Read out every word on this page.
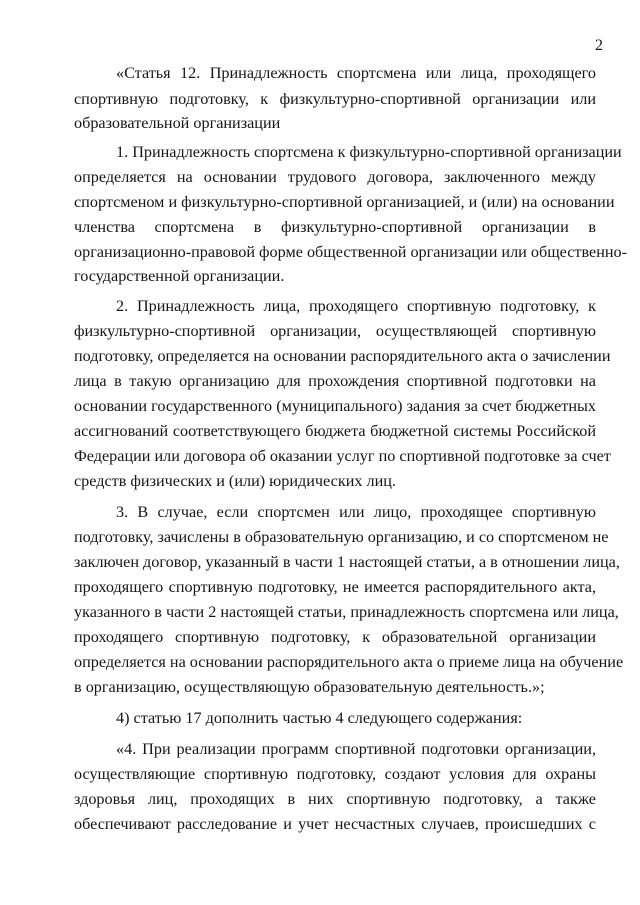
2
«Статья 12. Принадлежность спортсмена или лица, проходящего
спортивную подготовку, к физкультурно-спортивной организации или
образовательной организации
1. Принадлежность спортсмена к физкультурно-спортивной организации
определяется на основании трудового договора, заключенного между
спортсменом и физкультурно-спортивной организацией, и (или) на основании
членства спортсмена в физкультурно-спортивной организации в
организационно-правовой форме общественной организации или общественно-
государственной организации.
2. Принадлежность лица, проходящего спортивную подготовку, к
физкультурно-спортивной организации, осуществляющей спортивную
подготовку, определяется на основании распорядительного акта о зачислении
лица в такую организацию для прохождения спортивной подготовки на
основании государственного (муниципального) задания за счет бюджетных
ассигнований соответствующего бюджета бюджетной системы Российской
Федерации или договора об оказании услуг по спортивной подготовке за счет
средств физических и (или) юридических лиц.
3. В случае, если спортсмен или лицо, проходящее спортивную
подготовку, зачислены в образовательную организацию, и со спортсменом не
заключен договор, указанный в части 1 настоящей статьи, а в отношении лица,
проходящего спортивную подготовку, не имеется распорядительного акта,
указанного в части 2 настоящей статьи, принадлежность спортсмена или лица,
проходящего спортивную подготовку, к образовательной организации
определяется на основании распорядительного акта о приеме лица на обучение
в организацию, осуществляющую образовательную деятельность.»;
4) статью 17 дополнить частью 4 следующего содержания:
«4. При реализации программ спортивной подготовки организации,
осуществляющие спортивную подготовку, создают условия для охраны
здоровья лиц, проходящих в них спортивную подготовку, а также
обеспечивают расследование и учет несчастных случаев, происшедших с
